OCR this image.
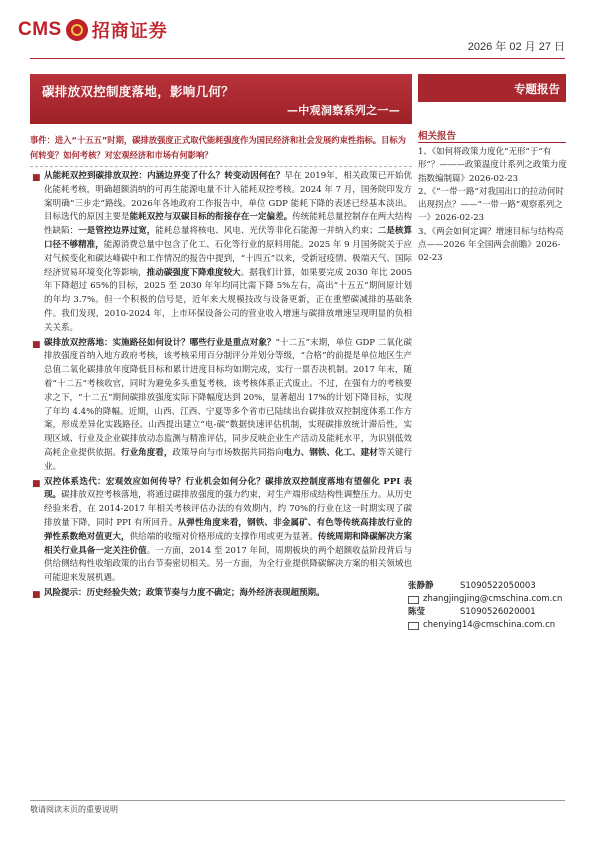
CMS 招商证券
2026 年 02 月 27 日
碳排放双控制度落地，影响几何？
—中观洞察系列之一—
专题报告
事件：进入“十五五”时期，碳排放强度正式取代能耗强度作为国民经济和社会发展约束性指标。目标为何转变？如何考核？对宏观经济和市场有何影响？
■ 从能耗双控到碳排放双控：内涵边界变了什么？转变动因何在？早在 2019年，相关政策已开始优化能耗考核，明确超额消纳的可再生能源电量不计入能耗双控考核。2024 年 7 月，国务院印发方案明确“三步走”路线。2026年各地政府工作报告中，单位 GDP 能耗下降的表述已经基本淡出。目标选代的原因主要是能耗双控与双碳目标的衔接存在一定偏差。传统能耗总量控制存在两大结构性缺陷：一是管控边界过宽，能耗总量将核电、风电、光伏等非化石能源一并纳入约束；二是核算口径不够精准，能源消费总量中包含了化工、石化等行业的原料用能。2025 年 9 月国务院关于应对气候变化和碳达峰碳中和工作情况的报告中提到，“十四五”以来，受新冠疫情、极端天气、国际经济贸易环境变化等影响，推动碳强度下降难度较大。据我们计算，如果要完成 2030 年比 2005 年下降超过 65%的目标，2025 至 2030 年年均同比需下降 5%左右，高出“十五五”期间原计划的年均 3.7%。但一个积极的信号是，近年来大规模技改与设备更新，正在重塑碳减排的基础条件。我们发现，2010-2024 年，上市环保设备公司的营业收入增速与碳排放增速呈现明显的负相关关系。
■ 碳排放双控落地：实施路径如何设计？哪些行业是重点对象？“十二五”末期，单位 GDP 二氧化碳排放强度首纳入地方政府考核，该考核采用百分制评分并划分等级，“合格”的前提是单位地区生产总值二氧化碳排放年度降低目标和累计进度目标均如期完成，实行一票否决机制。2017 年末，随着“十二五”考核收官，同时为避免多头重复考核，该考核体系正式废止。不过，在强有力的考核要求之下，“十二五”期间碳排放强度实际下降幅度达到 20%，显著超出 17%的计划下降目标，实现了年均 4.4%的降幅。近期，山西、江西、宁夏等多个省市已陆续出台碳排放双控制度体系工作方案，形成差异化实践路径。山西提出建立“电-碳”数据快速评估机制，实现碳排放统计滞后性，实现区域、行业及企业碳排放动态监测与精准评估，同步反映企业生产活动及能耗水平，为识别低效高耗企业提供依据。行业角度看，政策导向与市场数据共同指向电力、钢铁、化工、建材等关键行业。
■ 双控体系迭代：宏观效应如何传导？行业机会如何分化？碳排放双控制度落地有望催化 PPI 表现。碳排放双控考核落地，将通过碳排放强度的强力约束，对生产端形成结构性调整压力。从历史经验来看，在 2014-2017 年相关考核评估办法的有效期内，约 70%的行业在这一时期实现了碳排放量下降，同时 PPI 有所回升。从弹性角度来看，钢铁、非金属矿、有色等传统高排放行业的弹性系数绝对值更大，供给端的收缩对价格形成的支撑作用或更为显著。传统周期和降碳解决方案相关行业具备一定关注价值。一方面，2014 至 2017 年间，周期板块的两个超额收益阶段背后与供给侧结构性收缩政策的出台节奏密切相关。另一方面，为全行业提供降碳解决方案的相关领域也可能迎来发展机遇。
■ 风险提示：历史经验失效；政策节奏与力度不确定；海外经济表现超预期。
相关报告
1、《如何将政策力度化“无形”于“有形”？———政策温度计系列之政策力度指数编制篇》2026-02-23
2、《“一带一路”对我国出口的拉动何时出现拐点？——“一带一路”观察系列之一》2026-02-23
3、《两会如何定调？增速目标与结构亮点——2026 年全国两会前瞻》2026-02-23
张静静	S1090522050003
zhangjingjing@cmschina.com.cn
陈莹	S1090526020001
chenying14@cmschina.com.cn
敬请阅读末页的重要说明
